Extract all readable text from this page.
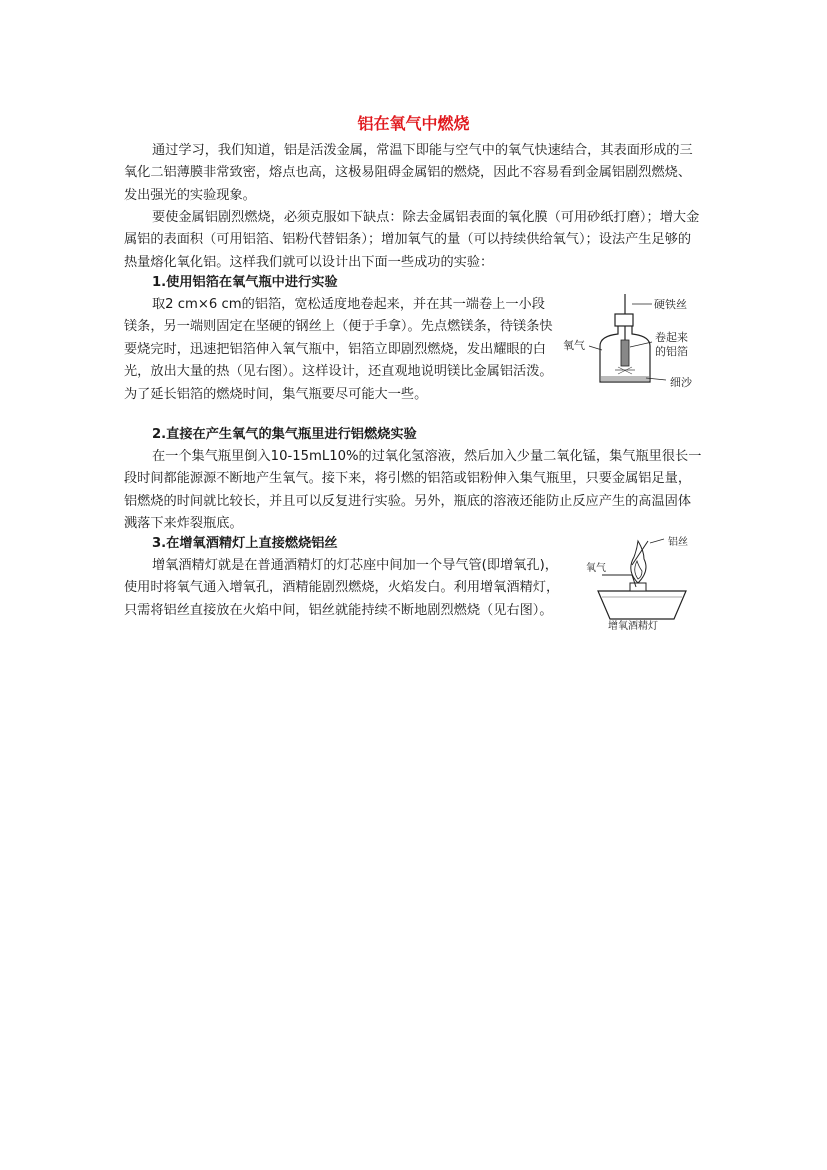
铝在氧气中燃烧

通过学习，我们知道，铝是活泼金属，常温下即能与空气中的氧气快速结合，其表面形成的三氧化二铝薄膜非常致密，熔点也高，这极易阻碍金属铝的燃烧，因此不容易看到金属铝剧烈燃烧、发出强光的实验现象。

要使金属铝剧烈燃烧，必须克服如下缺点：除去金属铝表面的氧化膜（可用砂纸打磨）；增大金属铝的表面积（可用铝箔、铝粉代替铝条）；增加氧气的量（可以持续供给氧气）；设法产生足够的热量熔化氧化铝。这样我们就可以设计出下面一些成功的实验：

1.使用铝箔在氧气瓶中进行实验

取2 cm×6 cm的铝箔，宽松适度地卷起来，并在其一端卷上一小段镁条，另一端则固定在坚硬的钢丝上（便于手拿）。先点燃镁条，待镁条快要烧完时，迅速把铝箔伸入氧气瓶中，铝箔立即剧烈燃烧，发出耀眼的白光，放出大量的热（见右图）。这样设计，还直观地说明镁比金属铝活泼。为了延长铝箔的燃烧时间，集气瓶要尽可能大一些。

硬铁丝
氧气
卷起来
的铝箔
细沙
2.直接在产生氧气的集气瓶里进行铝燃烧实验

在一个集气瓶里倒入10-15mL10%的过氧化氢溶液，然后加入少量二氧化锰，集气瓶里很长一段时间都能源源不断地产生氧气。接下来，将引燃的铝箔或铝粉伸入集气瓶里，只要金属铝足量，铝燃烧的时间就比较长，并且可以反复进行实验。另外，瓶底的溶液还能防止反应产生的高温固体溅落下来炸裂瓶底。

3.在增氧酒精灯上直接燃烧铝丝

增氧酒精灯就是在普通酒精灯的灯芯座中间加一个导气管(即增氧孔)，使用时将氧气通入增氧孔，酒精能剧烈燃烧，火焰发白。利用增氧酒精灯，只需将铝丝直接放在火焰中间，铝丝就能持续不断地剧烈燃烧（见右图）。

铝丝
氧气
增氧酒精灯
